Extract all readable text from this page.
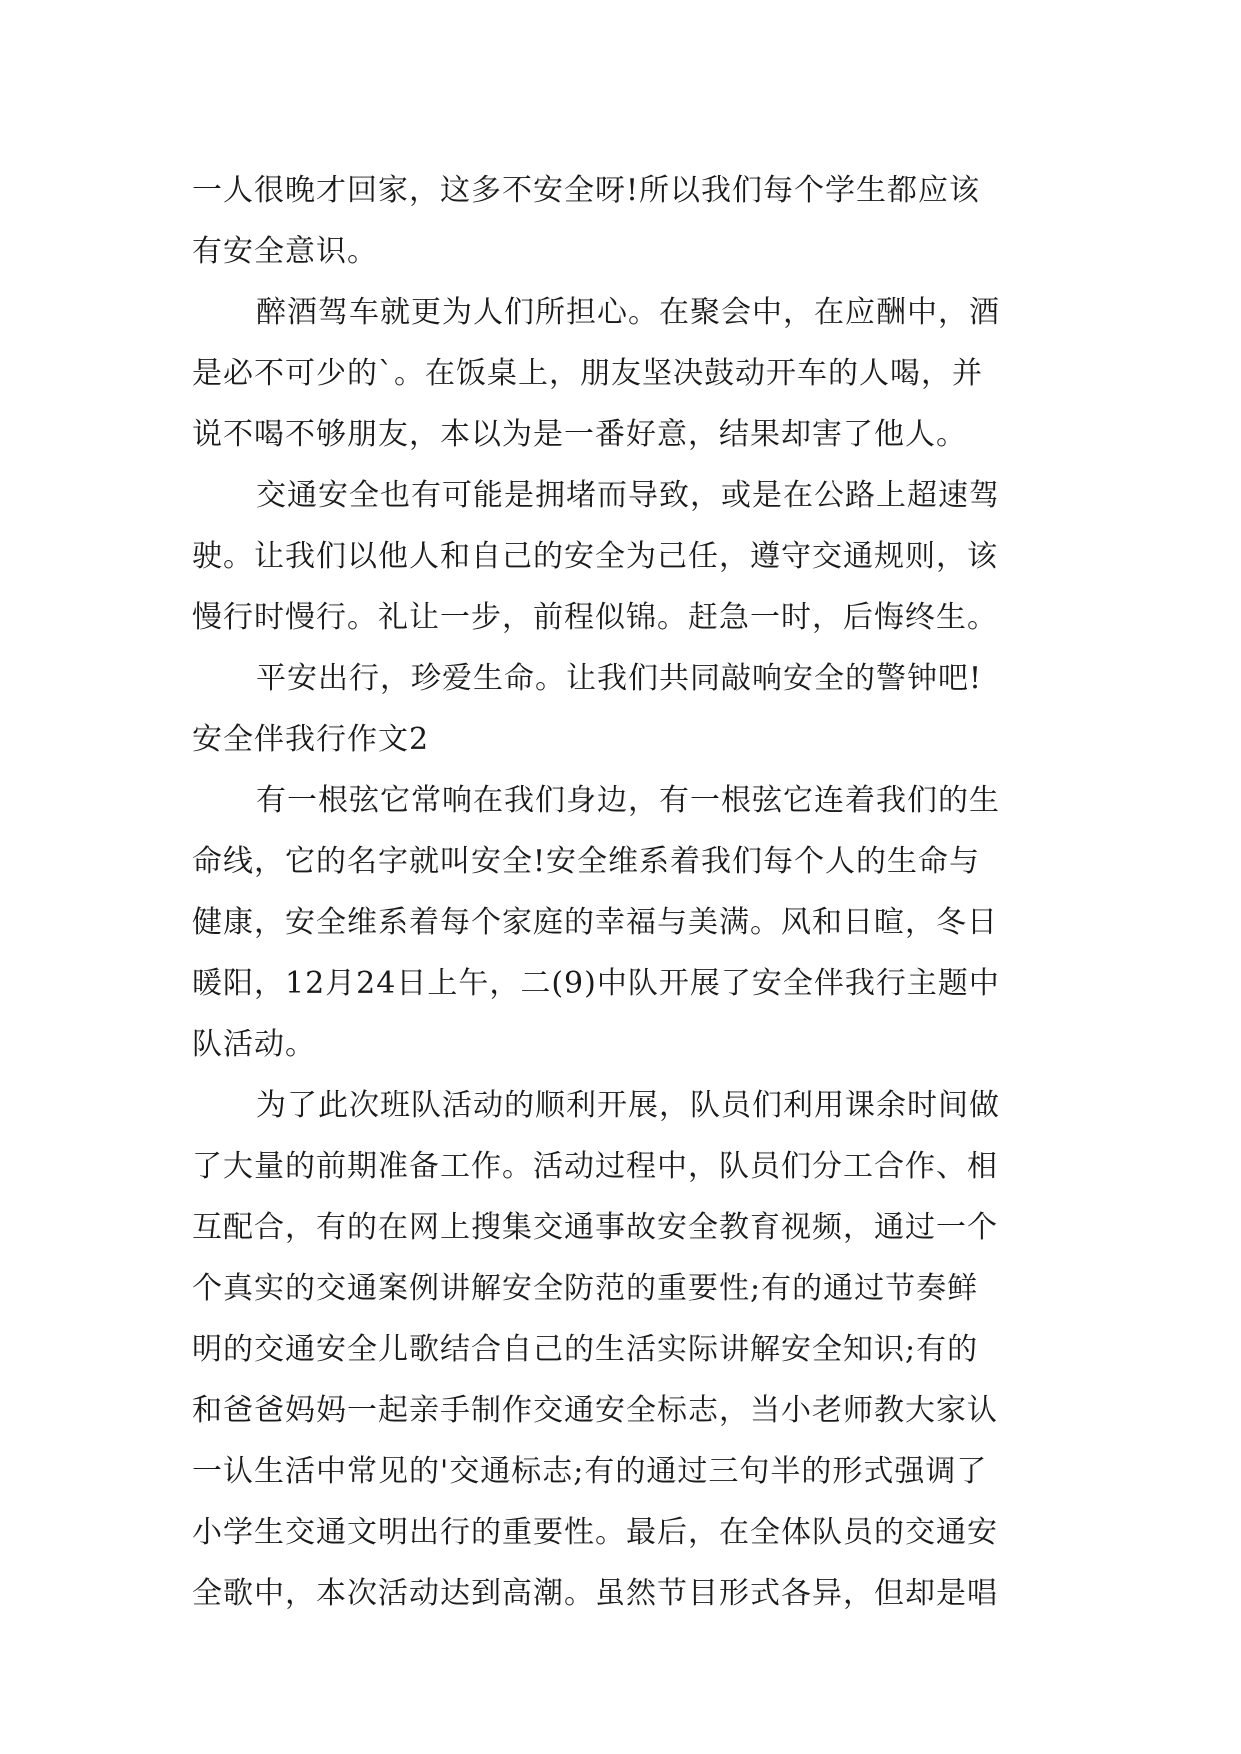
一人很晚才回家，这多不安全呀!所以我们每个学生都应该
有安全意识。
醉酒驾车就更为人们所担心。在聚会中，在应酬中，酒
是必不可少的`。在饭桌上，朋友坚决鼓动开车的人喝，并
说不喝不够朋友，本以为是一番好意，结果却害了他人。
交通安全也有可能是拥堵而导致，或是在公路上超速驾
驶。让我们以他人和自己的安全为己任，遵守交通规则，该
慢行时慢行。礼让一步，前程似锦。赶急一时，后悔终生。
平安出行，珍爱生命。让我们共同敲响安全的警钟吧!
安全伴我行作文2
有一根弦它常响在我们身边，有一根弦它连着我们的生
命线，它的名字就叫安全!安全维系着我们每个人的生命与
健康，安全维系着每个家庭的幸福与美满。风和日暄，冬日
暖阳，12月24日上午，二(9)中队开展了安全伴我行主题中
队活动。
为了此次班队活动的顺利开展，队员们利用课余时间做
了大量的前期准备工作。活动过程中，队员们分工合作、相
互配合，有的在网上搜集交通事故安全教育视频，通过一个
个真实的交通案例讲解安全防范的重要性;有的通过节奏鲜
明的交通安全儿歌结合自己的生活实际讲解安全知识;有的
和爸爸妈妈一起亲手制作交通安全标志，当小老师教大家认
一认生活中常见的'交通标志;有的通过三句半的形式强调了
小学生交通文明出行的重要性。最后，在全体队员的交通安
全歌中，本次活动达到高潮。虽然节目形式各异，但却是唱
